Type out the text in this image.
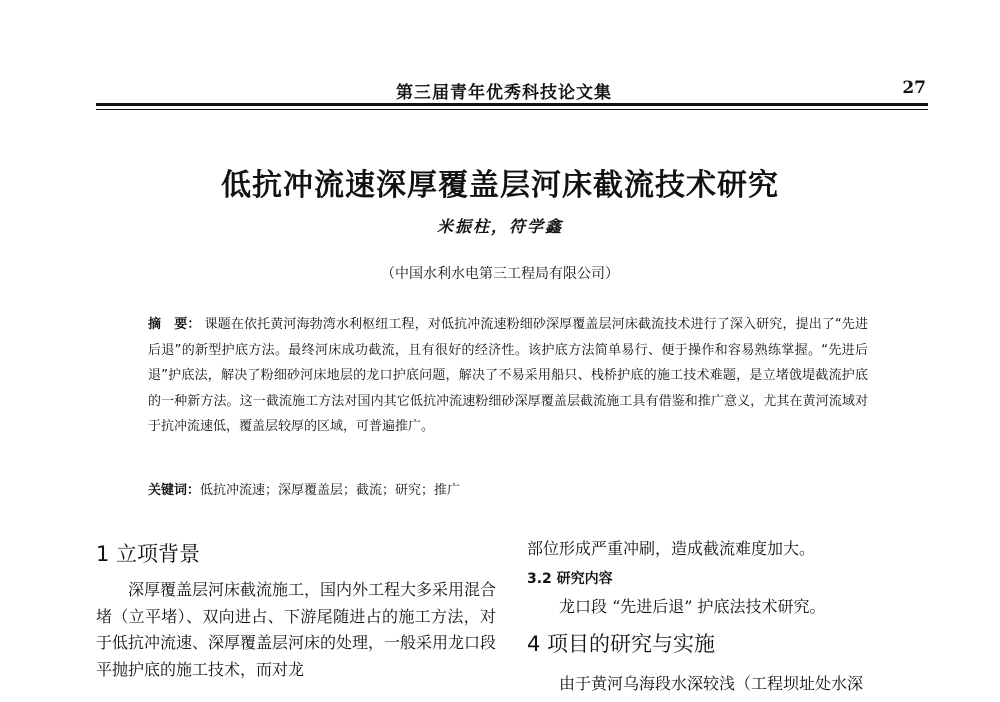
第三届青年优秀科技论文集	27
低抗冲流速深厚覆盖层河床截流技术研究
米振柱，符学鑫
（中国水利水电第三工程局有限公司）
摘　要： 课题在依托黄河海勃湾水利枢纽工程，对低抗冲流速粉细砂深厚覆盖层河床截流技术进行了深入研究，提出了“先进后退”的新型护底方法。最终河床成功截流，且有很好的经济性。该护底方法简单易行、便于操作和容易熟练掌握。“先进后退”护底法，解决了粉细砂河床地层的龙口护底问题，解决了不易采用船只、栈桥护底的施工技术难题，是立堵戗堤截流护底的一种新方法。这一截流施工方法对国内其它低抗冲流速粉细砂深厚覆盖层截流施工具有借鉴和推广意义，尤其在黄河流域对于抗冲流速低，覆盖层较厚的区域，可普遍推广。
关键词：低抗冲流速；深厚覆盖层；截流；研究；推广
1 立项背景

深厚覆盖层河床截流施工，国内外工程大多采用混合堵（立平堵）、双向进占、下游尾随进占的施工方法，对于低抗冲流速、深厚覆盖层河床的处理，一般采用龙口段平抛护底的施工技术，而对龙

部位形成严重冲刷，造成截流难度加大。

3.2 研究内容

龙口段 “先进后退” 护底法技术研究。

4 项目的研究与实施

由于黄河乌海段水深较浅（工程坝址处水深
